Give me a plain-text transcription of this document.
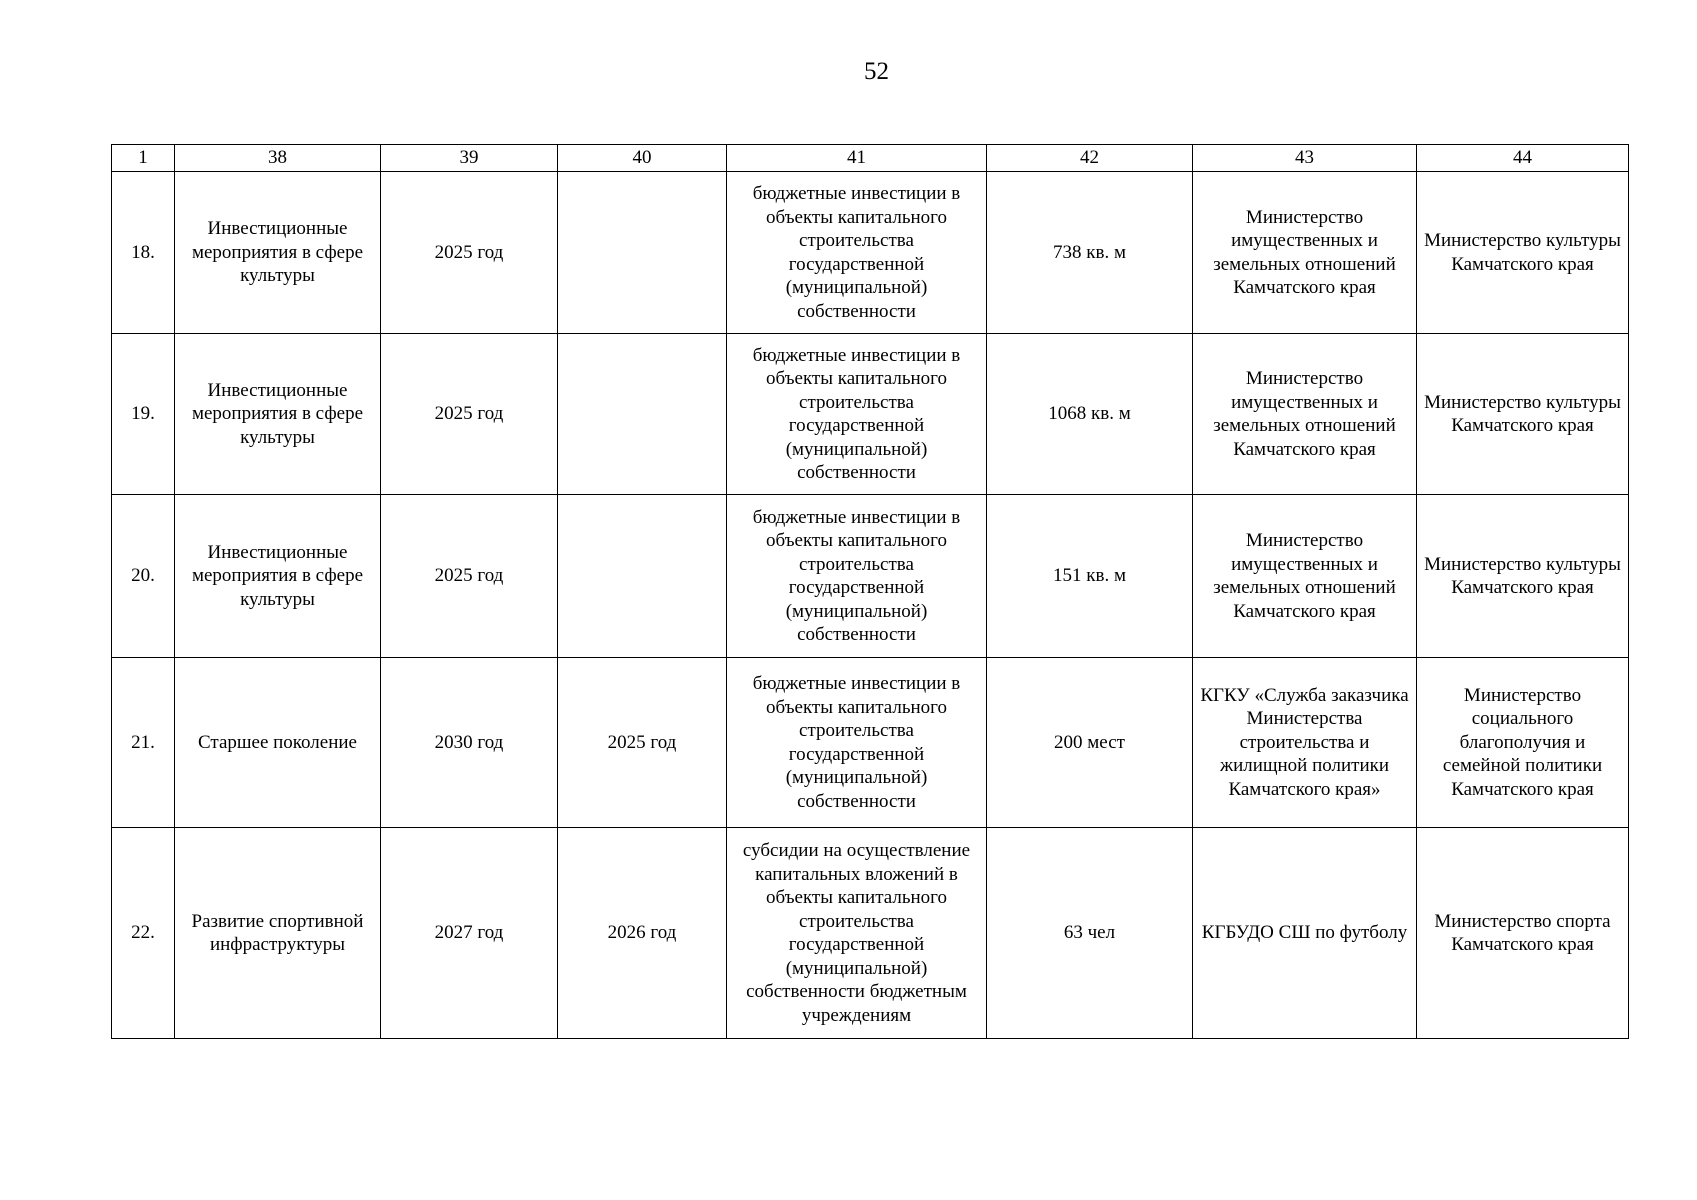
52
1	38	39	40	41	42	43	44
18.	Инвестиционные мероприятия в сфере культуры	2025 год		бюджетные инвестиции в объекты капитального строительства государственной (муниципальной) собственности	738 кв. м	Министерство имущественных и земельных отношений Камчатского края	Министерство культуры Камчатского края
19.	Инвестиционные мероприятия в сфере культуры	2025 год		бюджетные инвестиции в объекты капитального строительства государственной (муниципальной) собственности	1068 кв. м	Министерство имущественных и земельных отношений Камчатского края	Министерство культуры Камчатского края
20.	Инвестиционные мероприятия в сфере культуры	2025 год		бюджетные инвестиции в объекты капитального строительства государственной (муниципальной) собственности	151 кв. м	Министерство имущественных и земельных отношений Камчатского края	Министерство культуры Камчатского края
21.	Старшее поколение	2030 год	2025 год	бюджетные инвестиции в объекты капитального строительства государственной (муниципальной) собственности	200 мест	КГКУ «Служба заказчика Министерства строительства и жилищной политики Камчатского края»	Министерство социального благополучия и семейной политики Камчатского края
22.	Развитие спортивной инфраструктуры	2027 год	2026 год	субсидии на осуществление капитальных вложений в объекты капитального строительства государственной (муниципальной) собственности бюджетным учреждениям	63 чел	КГБУДО СШ по футболу	Министерство спорта Камчатского края
